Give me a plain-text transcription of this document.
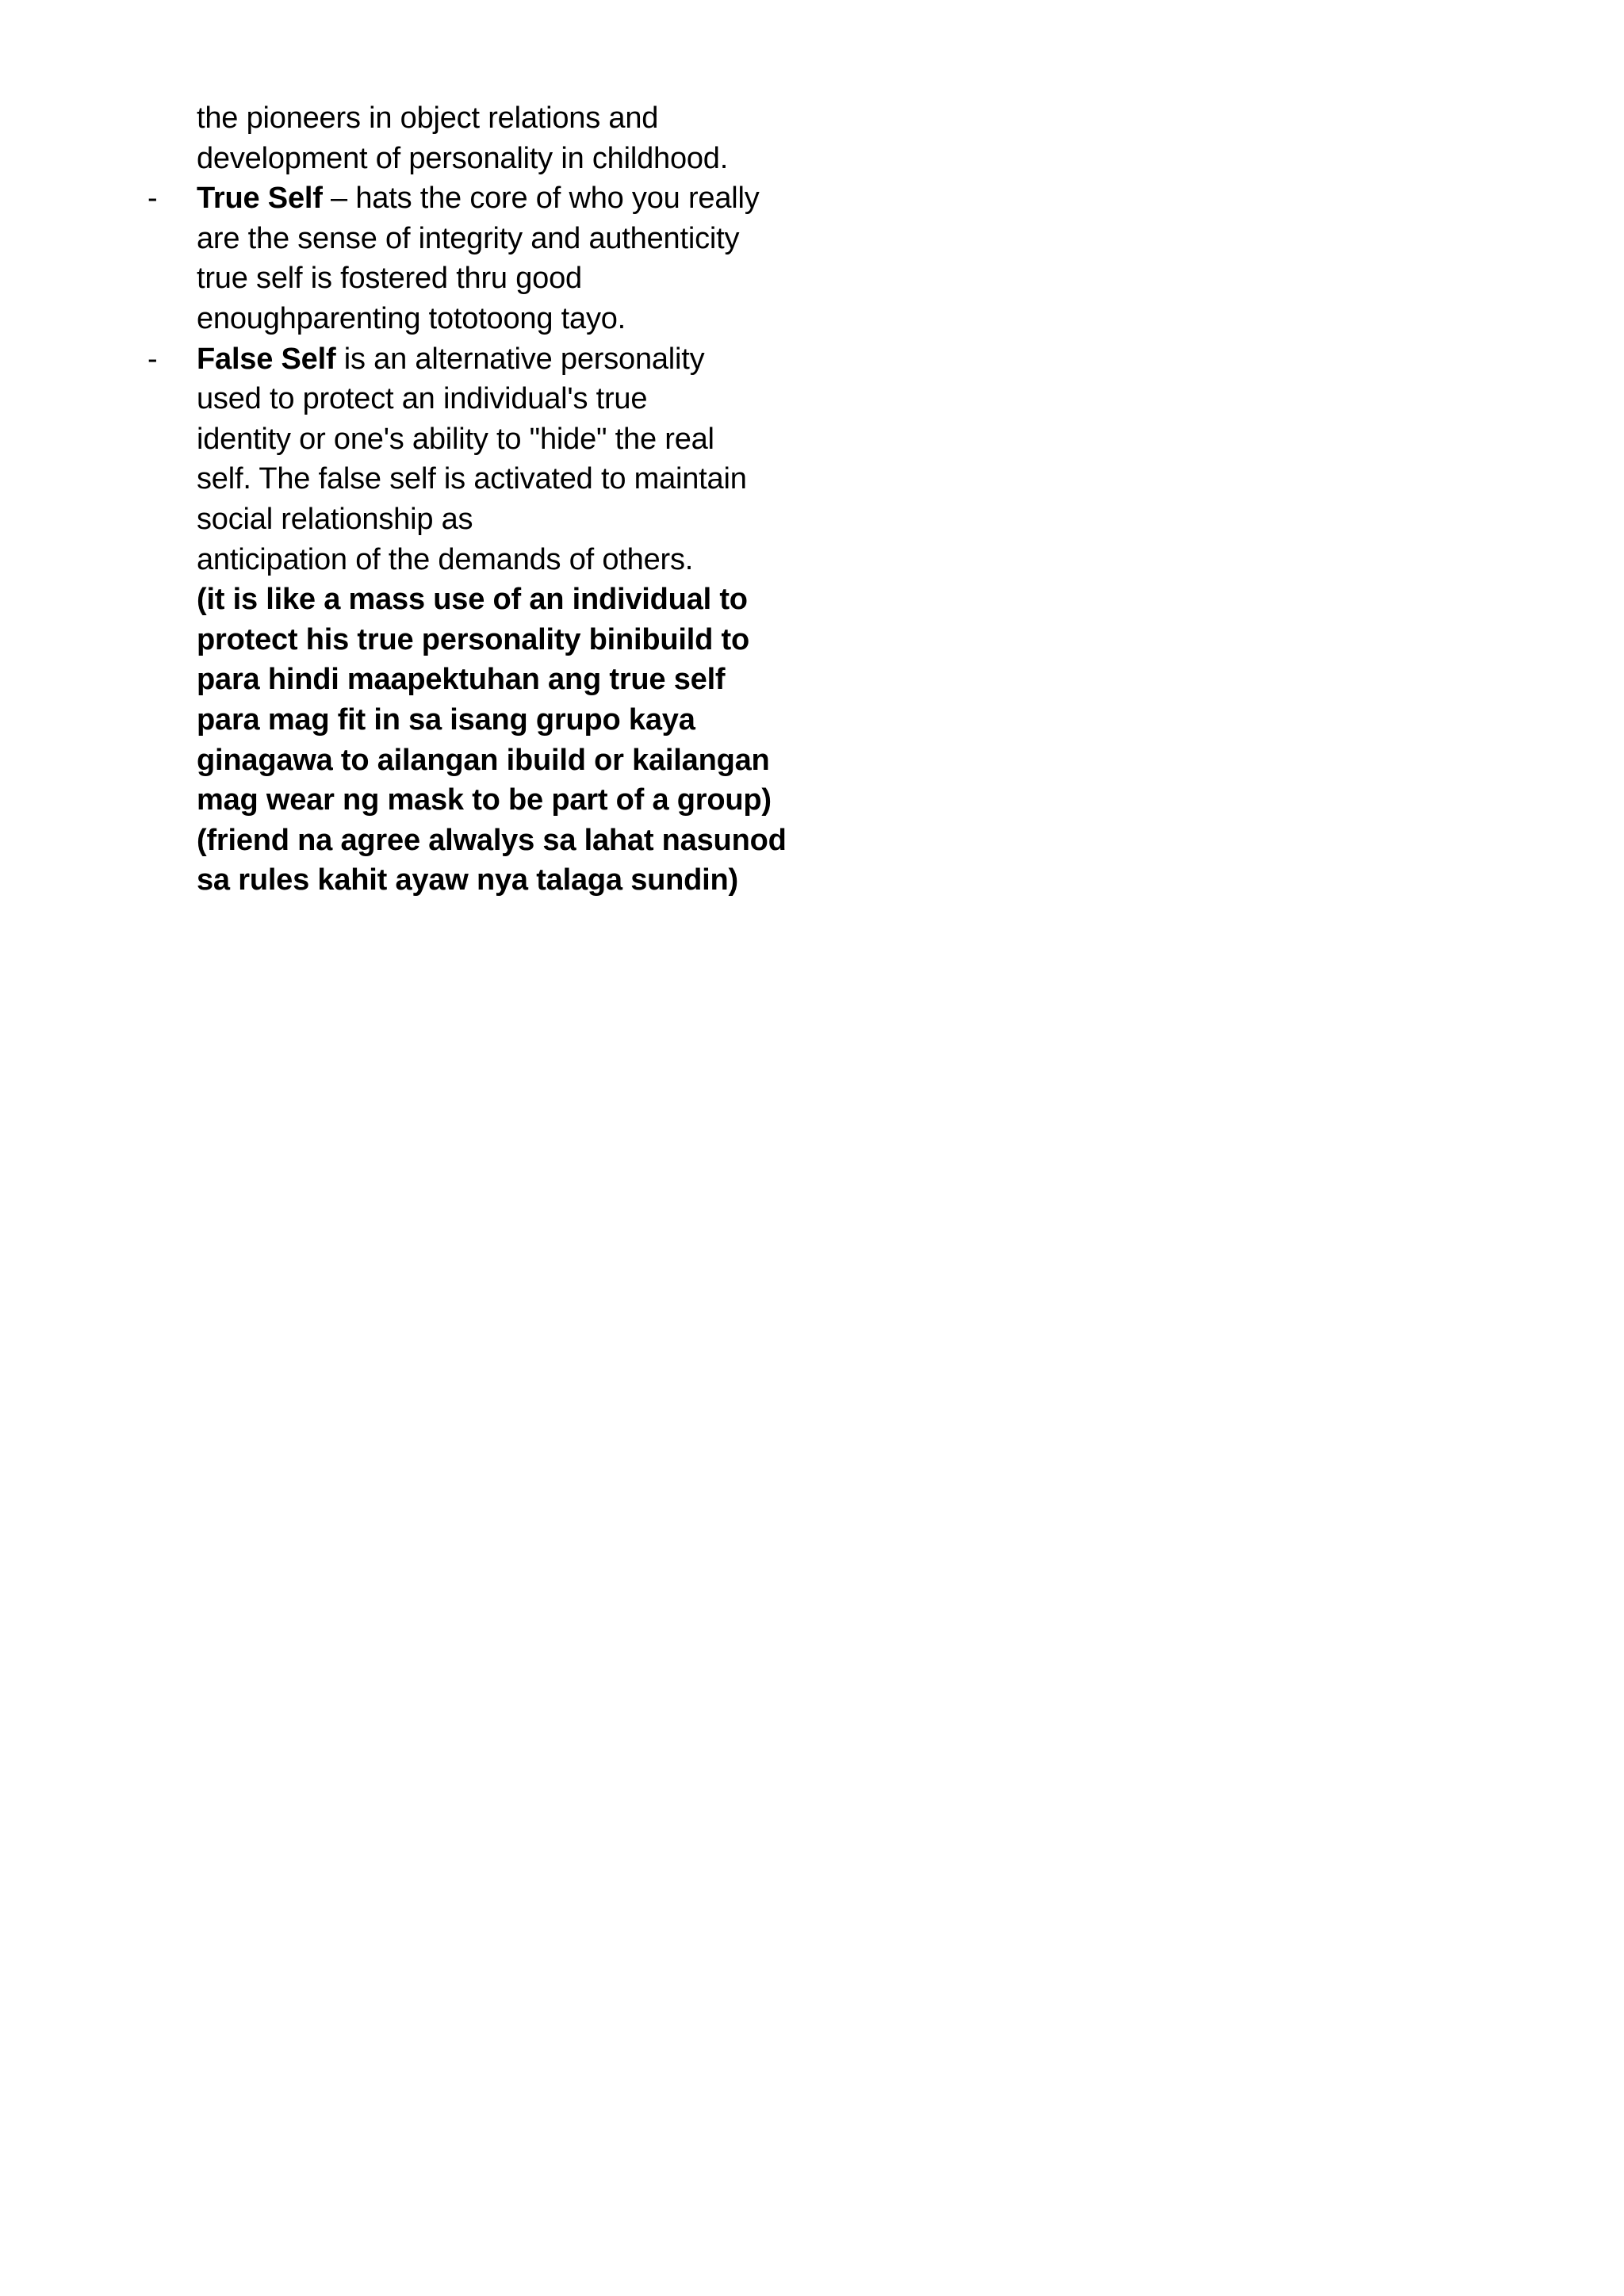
the pioneers in object relations and
development of personality in childhood.
- True Self – hats the core of who you really
are the sense of integrity and authenticity
true self is fostered thru good
enoughparenting tototoong tayo.
- False Self is an alternative personality
used to protect an individual's true
identity or one's ability to "hide" the real
self. The false self is activated to maintain
social relationship as
anticipation of the demands of others.
(it is like a mass use of an individual to
protect his true personality binibuild to
para hindi maapektuhan ang true self
para mag fit in sa isang grupo kaya
ginagawa to ailangan ibuild or kailangan
mag wear ng mask to be part of a group)
(friend na agree alwalys sa lahat nasunod
sa rules kahit ayaw nya talaga sundin)
